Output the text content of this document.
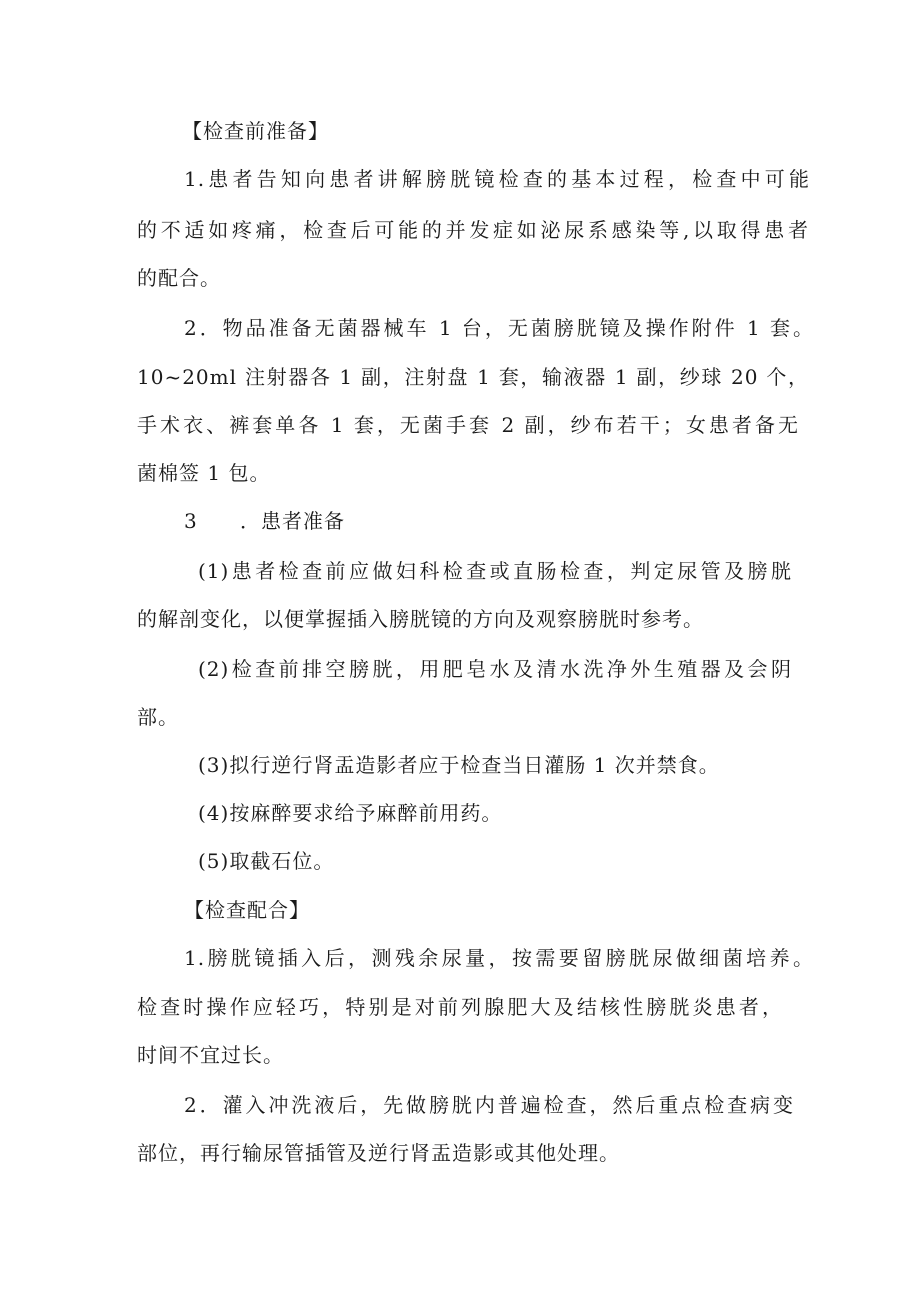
【检查前准备】
1.患者告知向患者讲解膀胱镜检查的基本过程，检查中可能
的不适如疼痛，检查后可能的并发症如泌尿系感染等,以取得患者
的配合。
2．物品准备无菌器械车 1 台，无菌膀胱镜及操作附件 1 套。
10~20ml 注射器各 1 副，注射盘 1 套，输液器 1 副，纱球 20 个，
手术衣、裤套单各 1 套，无菌手套 2 副，纱布若干；女患者备无
菌棉签 1 包。
3 ．患者准备
(1)患者检查前应做妇科检查或直肠检查，判定尿管及膀胱
的解剖变化，以便掌握插入膀胱镜的方向及观察膀胱时参考。
(2)检查前排空膀胱，用肥皂水及清水洗净外生殖器及会阴
部。
(3)拟行逆行肾盂造影者应于检查当日灌肠 1 次并禁食。
(4)按麻醉要求给予麻醉前用药。
(5)取截石位。
【检查配合】
1.膀胱镜插入后，测残余尿量，按需要留膀胱尿做细菌培养。
检查时操作应轻巧，特别是对前列腺肥大及结核性膀胱炎患者，
时间不宜过长。
2．灌入冲洗液后，先做膀胱内普遍检查，然后重点检查病变
部位，再行输尿管插管及逆行肾盂造影或其他处理。
